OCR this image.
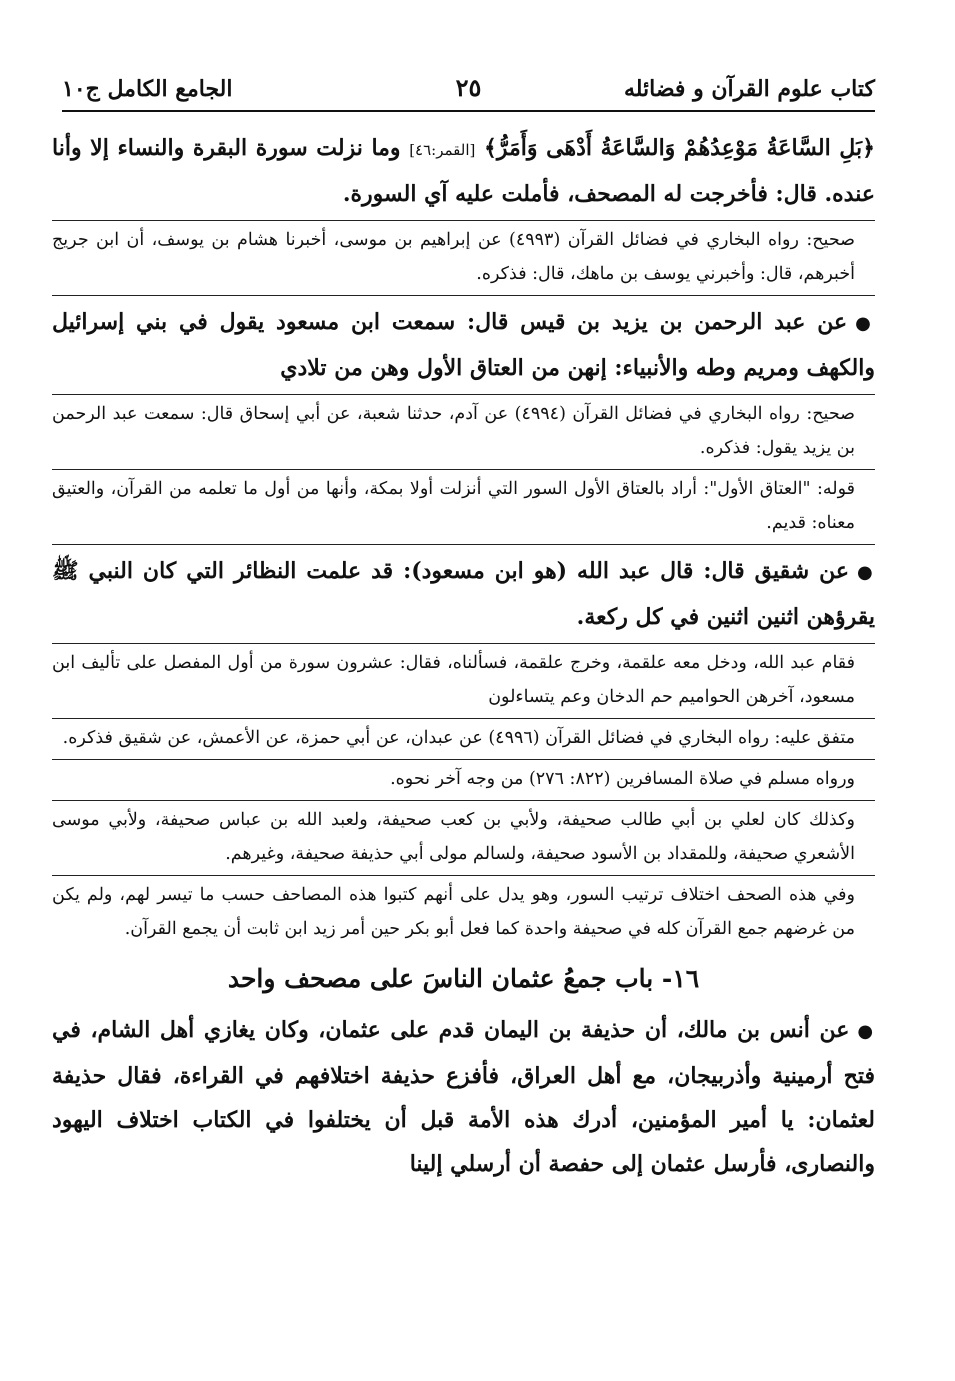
كتاب علوم القرآن و فضائله
٢٥
الجامع الكامل ج١٠
﴿بَلِ السَّاعَةُ مَوْعِدُهُمْ وَالسَّاعَةُ أَدْهَى وَأَمَرُّ﴾ [القمر:٤٦] وما نزلت سورة البقرة والنساء إلا وأنا عنده. قال: فأخرجت له المصحف، فأملت عليه آي السورة.
صحيح: رواه البخاري في فضائل القرآن (٤٩٩٣) عن إبراهيم بن موسى، أخبرنا هشام بن يوسف، أن ابن جريج أخبرهم، قال: وأخبرني يوسف بن ماهك، قال: فذكره.
●عن عبد الرحمن بن يزيد بن قيس قال: سمعت ابن مسعود يقول في بني إسرائيل والكهف ومريم وطه والأنبياء: إنهن من العتاق الأول وهن من تلادي
صحيح: رواه البخاري في فضائل القرآن (٤٩٩٤) عن آدم، حدثنا شعبة، عن أبي إسحاق قال: سمعت عبد الرحمن بن يزيد يقول: فذكره.
قوله: "العتاق الأول": أراد بالعتاق الأول السور التي أنزلت أولا بمكة، وأنها من أول ما تعلمه من القرآن، والعتيق معناه: قديم.
●عن شقيق قال: قال عبد الله (هو ابن مسعود): قد علمت النظائر التي كان النبي ﷺ يقرؤهن اثنين اثنين في كل ركعة.
فقام عبد الله، ودخل معه علقمة، وخرج علقمة، فسألناه، فقال: عشرون سورة من أول المفصل على تأليف ابن مسعود، آخرهن الحواميم حم الدخان وعم يتساءلون
متفق عليه: رواه البخاري في فضائل القرآن (٤٩٩٦) عن عبدان، عن أبي حمزة، عن الأعمش، عن شقيق فذكره.
ورواه مسلم في صلاة المسافرين (٨٢٢: ٢٧٦) من وجه آخر نحوه.
وكذلك كان لعلي بن أبي طالب صحيفة، ولأبي بن كعب صحيفة، ولعبد الله بن عباس صحيفة، ولأبي موسى الأشعري صحيفة، وللمقداد بن الأسود صحيفة، ولسالم مولى أبي حذيفة صحيفة، وغيرهم.
وفي هذه الصحف اختلاف ترتيب السور، وهو يدل على أنهم كتبوا هذه المصاحف حسب ما تيسر لهم، ولم يكن من غرضهم جمع القرآن كله في صحيفة واحدة كما فعل أبو بكر حين أمر زيد ابن ثابت أن يجمع القرآن.
١٦- باب جمعُ عثمان الناسَ على مصحف واحد
●عن أنس بن مالك، أن حذيفة بن اليمان قدم على عثمان، وكان يغازي أهل الشام، في فتح أرمينية وأذربيجان، مع أهل العراق، فأفزع حذيفة اختلافهم في القراءة، فقال حذيفة لعثمان: يا أمير المؤمنين، أدرك هذه الأمة قبل أن يختلفوا في الكتاب اختلاف اليهود والنصارى، فأرسل عثمان إلى حفصة أن أرسلي إلينا
